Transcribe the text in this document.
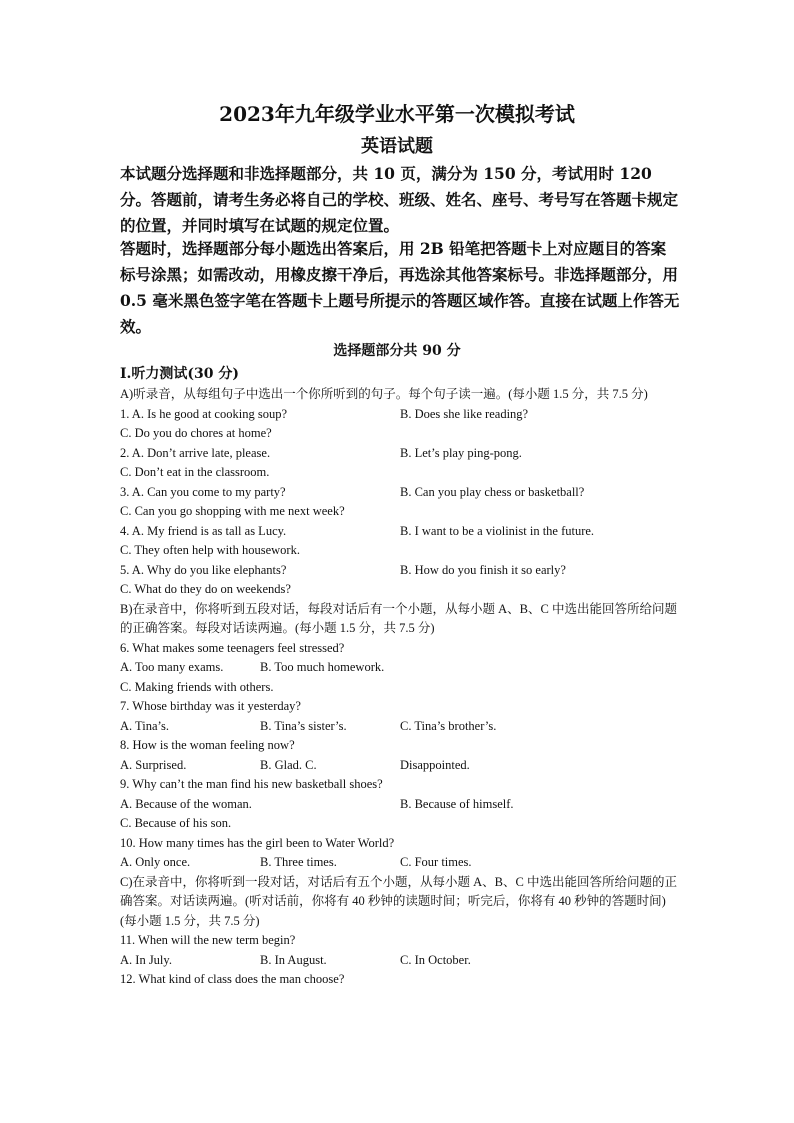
2023年九年级学业水平第一次模拟考试
英语试题
本试题分选择题和非选择题部分，共 10 页，满分为 150 分，考试用时 120 分。答题前，请考生务必将自己的学校、班级、姓名、座号、考号写在答题卡规定的位置，并同时填写在试题的规定位置。
答题时，选择题部分每小题选出答案后，用 2B 铅笔把答题卡上对应题目的答案标号涂黑；如需改动，用橡皮擦干净后，再选涂其他答案标号。非选择题部分，用 0.5 毫米黑色签字笔在答题卡上题号所提示的答题区域作答。直接在试题上作答无效。
选择题部分共 90 分
I.听力测试(30 分)

A)听录音，从每组句子中选出一个你所听到的句子。每个句子读一遍。(每小题 1.5 分，共 7.5 分)

1. A. Is he good at cooking soup?	B. Does she like reading?
C. Do you do chores at home?
2. A. Don’t arrive late, please.	B. Let’s play ping-pong.
C. Don’t eat in the classroom.
3. A. Can you come to my party?	B. Can you play chess or basketball?
C. Can you go shopping with me next week?
4. A. My friend is as tall as Lucy.	B. I want to be a violinist in the future.
C. They often help with housework.
5. A. Why do you like elephants?	B. How do you finish it so early?
C. What do they do on weekends?

B)在录音中，你将听到五段对话，每段对话后有一个小题，从每小题 A、B、C 中选出能回答所给问题的正确答案。每段对话读两遍。(每小题 1.5 分，共 7.5 分)

6. What makes some teenagers feel stressed?
A. Too many exams.	B. Too much homework.
C. Making friends with others.
7. Whose birthday was it yesterday?
A. Tina’s.	B. Tina’s sister’s.	C. Tina’s brother’s.
8. How is the woman feeling now?
A. Surprised.	B. Glad. C.	Disappointed.
9. Why can’t the man find his new basketball shoes?
A. Because of the woman.	B. Because of himself.
C. Because of his son.
10. How many times has the girl been to Water World?
A. Only once.	B. Three times.	C. Four times.

C)在录音中，你将听到一段对话，对话后有五个小题，从每小题 A、B、C 中选出能回答所给问题的正确答案。对话读两遍。(听对话前，你将有 40 秒钟的读题时间；听完后，你将有 40 秒钟的答题时间)(每小题 1.5 分，共 7.5 分)

11. When will the new term begin?
A. In July.	B. In August.	C. In October.
12. What kind of class does the man choose?
